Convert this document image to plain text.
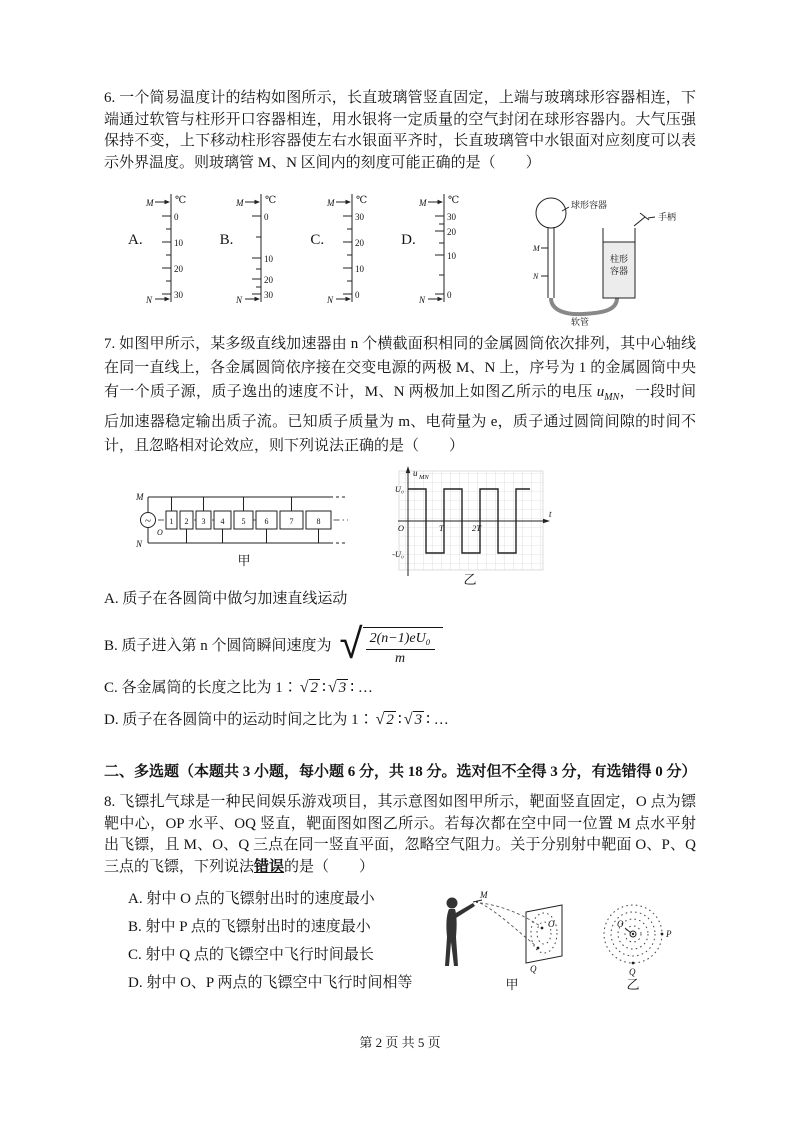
6. 一个简易温度计的结构如图所示，长直玻璃管竖直固定，上端与玻璃球形容器相连，下端通过软管与柱形开口容器相连，用水银将一定质量的空气封闭在球形容器内。大气压强保持不变，上下移动柱形容器使左右水银面平齐时，长直玻璃管中水银面对应刻度可以表示外界温度。则玻璃管 M、N 区间内的刻度可能正确的是（　　）

A.
℃
M
N
0
10
20
30
B.
℃
M
N
0
10
20
30
C.
℃
M
N
30
20
10
0
D.
℃
M
N
30
20
10
0
球形容器
手柄
柱形
容器
软管
M
N

7. 如图甲所示，某多级直线加速器由 n 个横截面积相同的金属圆筒依次排列，其中心轴线在同一直线上，各金属圆筒依序接在交变电源的两极 M、N 上，序号为 1 的金属圆筒中央有一个质子源，质子逸出的速度不计，M、N 两极加上如图乙所示的电压 $u_{MN}$，一段时间后加速器稳定输出质子流。已知质子质量为 m、电荷量为 e，质子通过圆筒间隙的时间不计，且忽略相对论效应，则下列说法正确的是（　　）

M
N
~
O
1 2 3 4 5 6	7	8
甲
u MN
U₀
-U₀
O	T	2T
t
乙
A. 质子在各圆筒中做匀加速直线运动
B. 质子进入第 n 个圆筒瞬间速度为 √ 2(n−1)eU₀
m
C. 各金属筒的长度之比为 1∶ √ 2 ∶ √ 3 ∶ …
D. 质子在各圆筒中的运动时间之比为 1∶ √ 2 ∶ √ 3 ∶ …

二、多选题（本题共 3 小题，每小题 6 分，共 18 分。选对但不全得 3 分，有选错得 0 分）

8. 飞镖扎气球是一种民间娱乐游戏项目，其示意图如图甲所示，靶面竖直固定，O 点为镖靶中心，OP 水平、OQ 竖直，靶面图如图乙所示。若每次都在空中同一位置 M 点水平射出飞镖，且 M、O、Q 三点在同一竖直平面，忽略空气阻力。关于分别射中靶面 O、P、Q 三点的飞镖，下列说法错误的是（　　）

A. 射中 O 点的飞镖射出时的速度最小
B. 射中 P 点的飞镖射出时的速度最小
C. 射中 Q 点的飞镖空中飞行时间最长
D. 射中 O、P 两点的飞镖空中飞行时间相等
M
O
Q
甲
O
P
Q
乙

第 2 页 共 5 页
